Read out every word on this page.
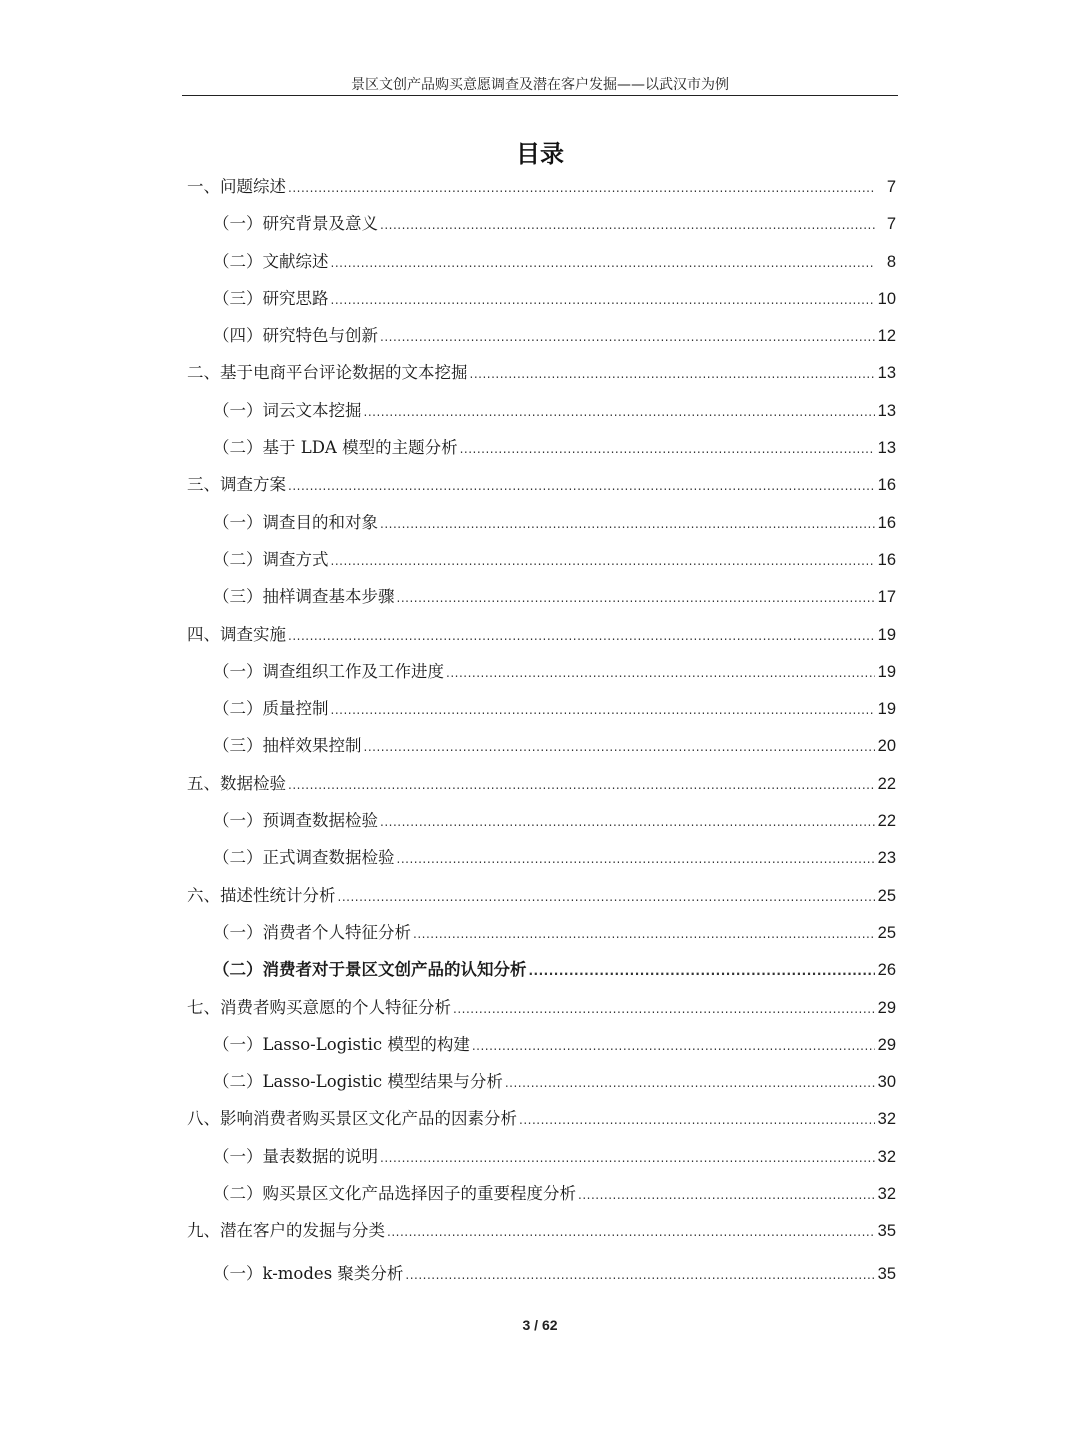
景区文创产品购买意愿调查及潜在客户发掘——以武汉市为例
目录
一、问题综述 .....	7
（一）研究背景及意义 .....	7
（二）文献综述 .....	8
（三）研究思路 .....	10
（四）研究特色与创新 .....	12
二、基于电商平台评论数据的文本挖掘 .....	13
（一）词云文本挖掘 .....	13
（二）基于 LDA 模型的主题分析 .....	13
三、调查方案 .....	16
（一）调查目的和对象 .....	16
（二）调查方式 .....	16
（三）抽样调查基本步骤 .....	17
四、调查实施 .....	19
（一）调查组织工作及工作进度 .....	19
（二）质量控制 .....	19
（三）抽样效果控制 .....	20
五、数据检验 .....	22
（一）预调查数据检验 .....	22
（二）正式调查数据检验 .....	23
六、描述性统计分析 .....	25
（一）消费者个人特征分析 .....	25
（二）消费者对于景区文创产品的认知分析 .....	26
七、消费者购买意愿的个人特征分析 .....	29
（一）Lasso-Logistic 模型的构建 .....	29
（二）Lasso-Logistic 模型结果与分析 .....	30
八、影响消费者购买景区文化产品的因素分析 .....	32
（一）量表数据的说明 .....	32
（二）购买景区文化产品选择因子的重要程度分析 .....	32
九、潜在客户的发掘与分类 .....	35
（一）k-modes 聚类分析 .....	35
3 / 62
